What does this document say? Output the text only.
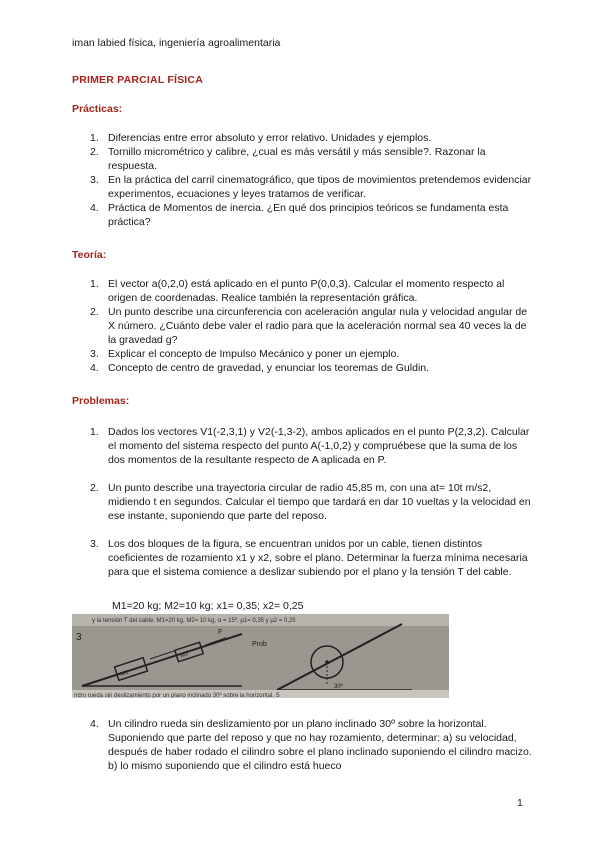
iman labied física, ingeniería agroalimentaria
PRIMER PARCIAL FÍSICA
Prácticas:
1. Diferencias entre error absoluto y error relativo. Unidades y ejemplos.
2. Tornillo micrométrico y calibre, ¿cual es más versátil y más sensible?. Razonar la respuesta.
3. En la práctica del carril cinematográfico, que tipos de movimientos pretendemos evidenciar experimentos, ecuaciones y leyes tratamos de verificar.
4. Práctica de Momentos de inercia. ¿En qué dos principios teóricos se fundamenta esta práctica?
Teoría:
1. El vector a(0,2,0) está aplicado en el punto P(0,0,3). Calcular el momento respecto al origen de coordenadas. Realice también la representación gráfica.
2. Un punto describe una circunferencia con aceleración angular nula y velocidad angular de X número. ¿Cuánto debe valer el radio para que la aceleración normal sea 40 veces la de la gravedad g?
3. Explicar el concepto de Impulso Mecánico y poner un ejemplo.
4. Concepto de centro de gravedad, y enunciar los teoremas de Guldin.
Problemas:
1. Dados los vectores V1(-2,3,1) y V2(-1,3-2), ambos aplicados en el punto P(2,3,2). Calcular el momento del sistema respecto del punto A(-1,0,2) y compruébese que la suma de los dos momentos de la resultante respecto de A aplicada en P.
2. Un punto describe una trayectoria circular de radio 45,85 m, con una at= 10t m/s2, midiendo t en segundos. Calcular el tiempo que tardará en dar 10 vueltas y la velocidad en ese instante, suponiendo que parte del reposo.
3. Los dos bloques de la figura, se encuentran unidos por un cable, tienen distintos coeficientes de rozamiento x1 y x2, sobre el plano. Determinar la fuerza mínima necesaria para que el sistema comience a deslizar subiendo por el plano y la tensión T del cable.
M1=20 kg; M2=10 kg; x1= 0,35; x2= 0,25
y la tensión T del cable. M1=20 kg, M2= 10 kg, α = 15º, μ1= 0,35 y μ2 = 0,25
3
M1
M2
F
Prob
30º
ndro rueda sin deslizamiento por un plano inclinado 30º sobre la horizontal. S
4. Un cilindro rueda sin deslizamiento por un plano inclinado 30º sobre la horizontal. Suponiendo que parte del reposo y que no hay rozamiento, determinar: a) su velocidad, después de haber rodado el cilindro sobre el plano inclinado suponiendo el cilindro macizo. b) lo mismo suponiendo que el cilindro está hueco
1
